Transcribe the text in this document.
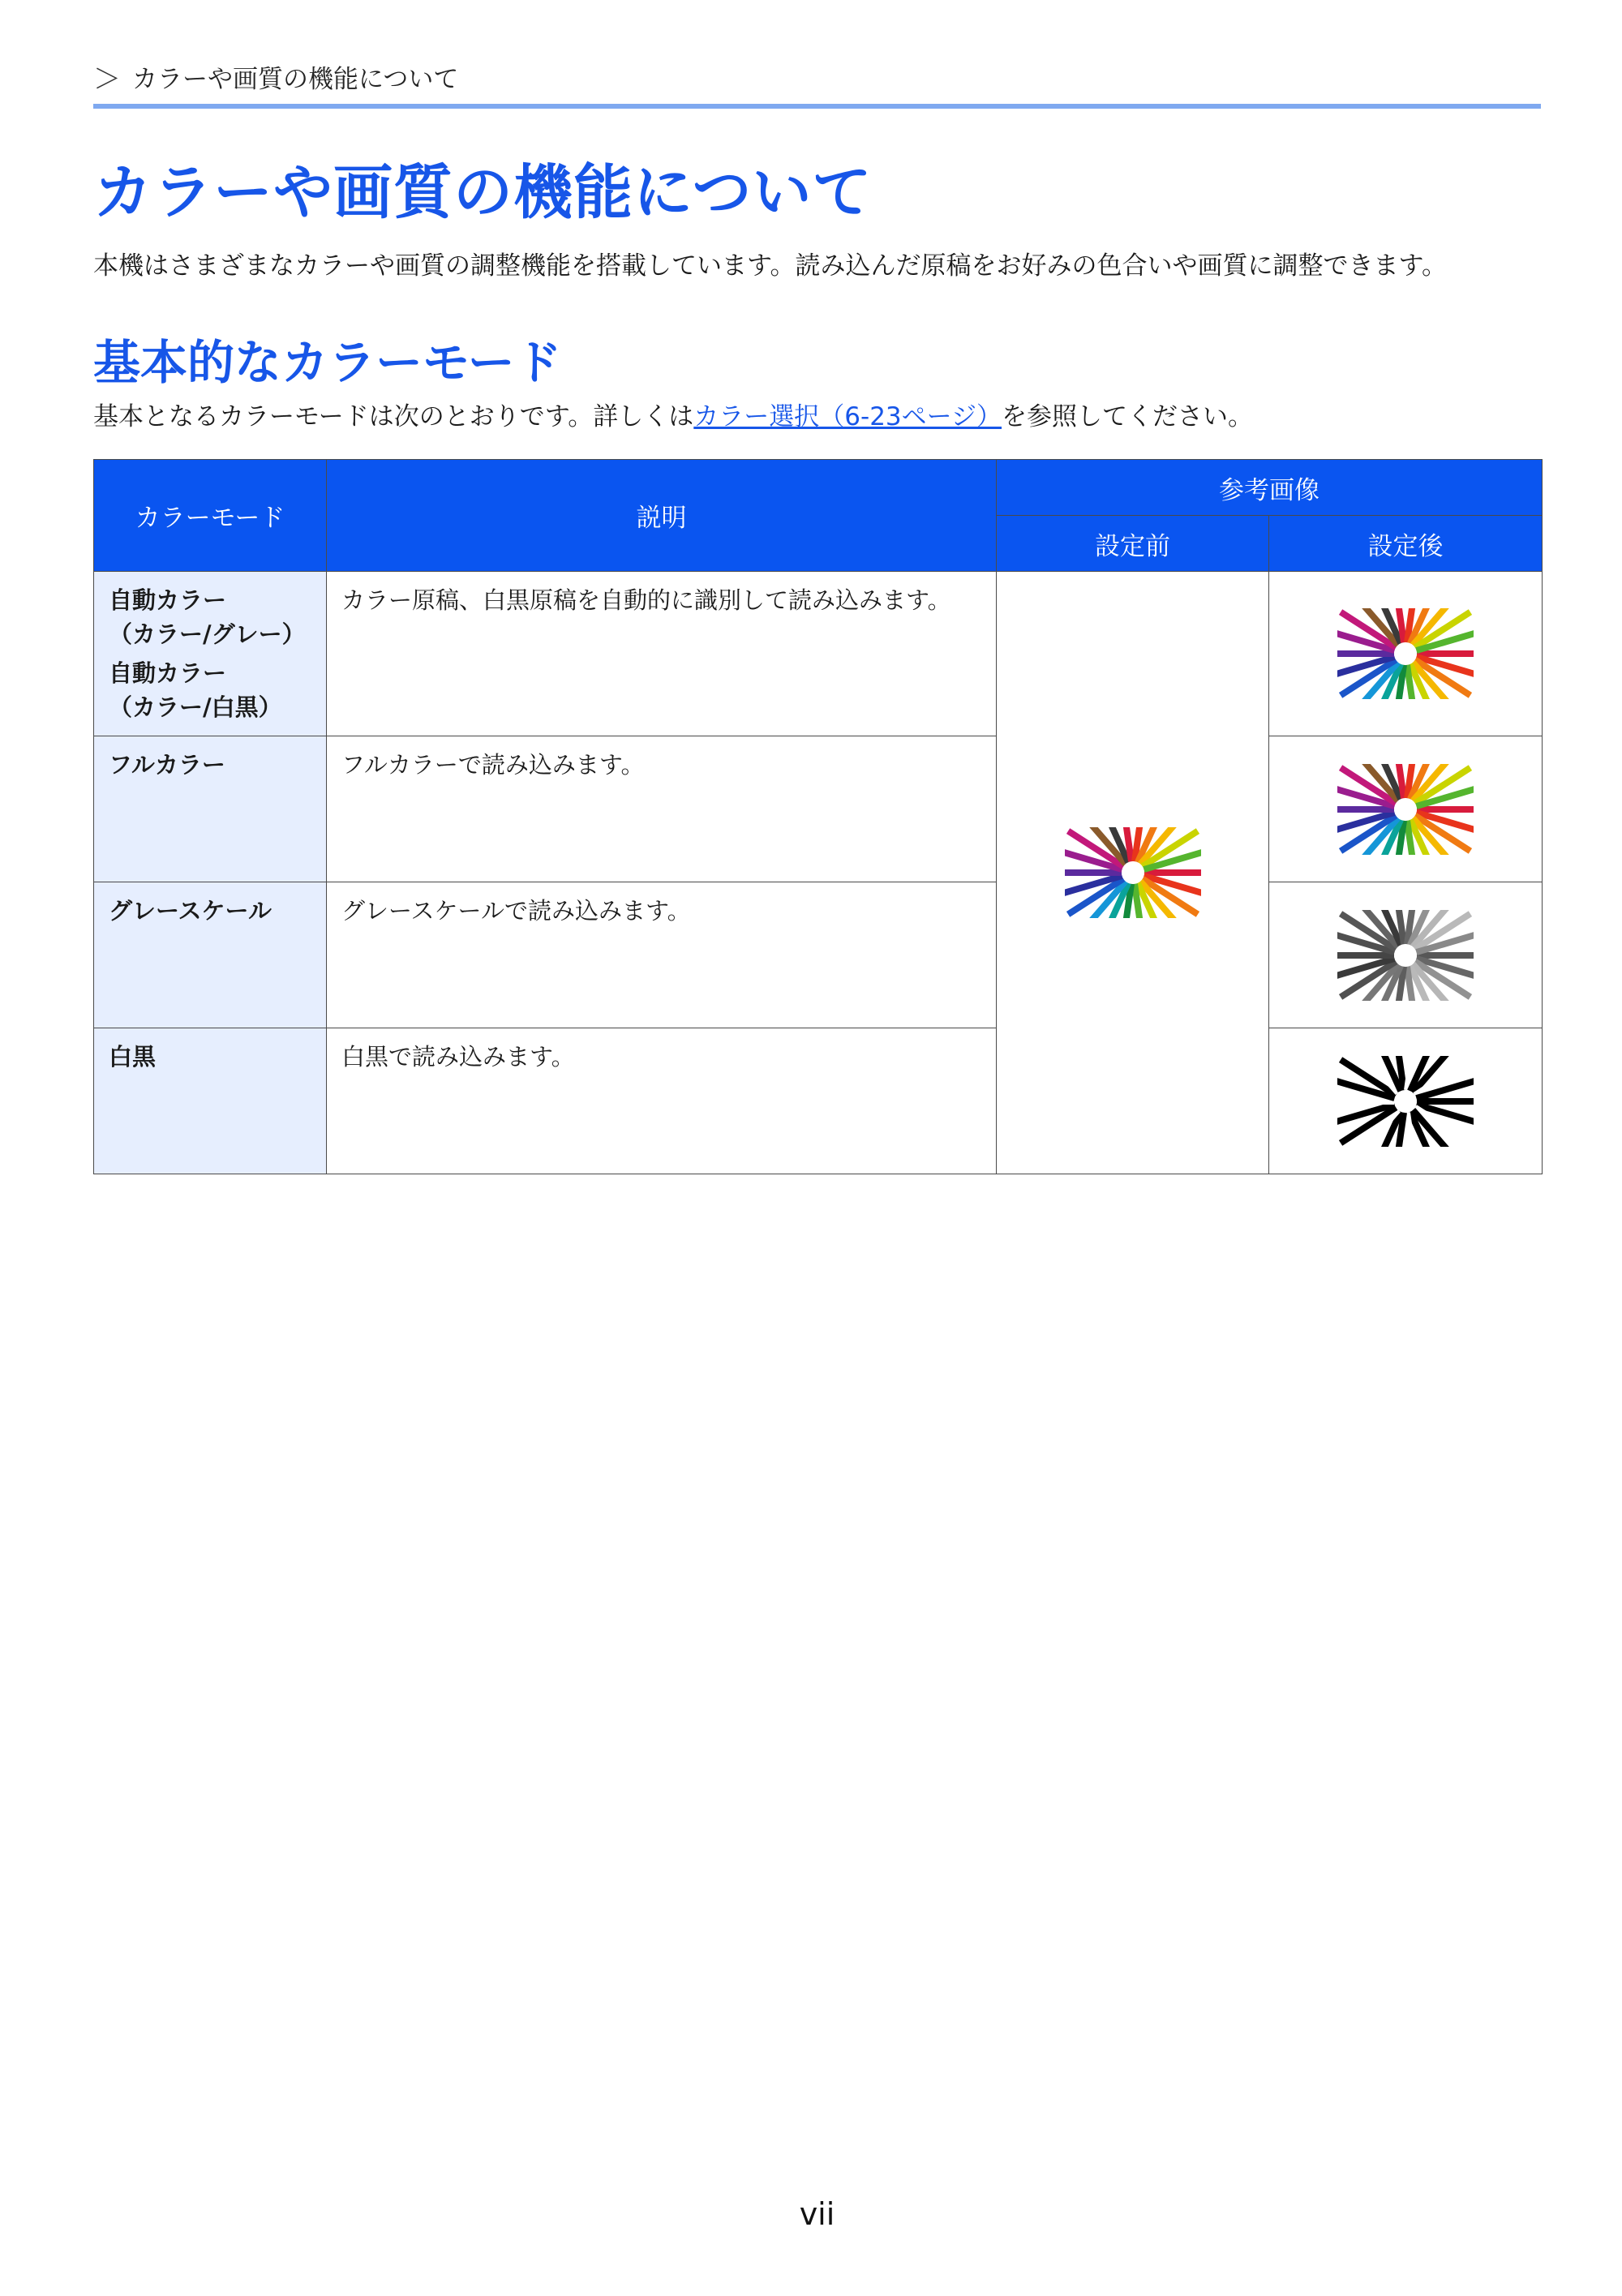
＞ カラーや画質の機能について
カラーや画質の機能について
本機はさまざまなカラーや画質の調整機能を搭載しています。読み込んだ原稿をお好みの色合いや画質に調整できます。
基本的なカラーモード
基本となるカラーモードは次のとおりです。詳しくはカラー選択（6-23ページ）を参照してください。
カラーモード	説明	参考画像	
		設定前	設定後

自動カラー
（カラー/グレー）
自動カラー
（カラー/白黒）	カラー原稿、白黒原稿を自動的に識別して読み込みます。	

フルカラー	フルカラーで読み込みます。	

グレースケール	グレースケールで読み込みます。	

白黒	白黒で読み込みます。	
vii
